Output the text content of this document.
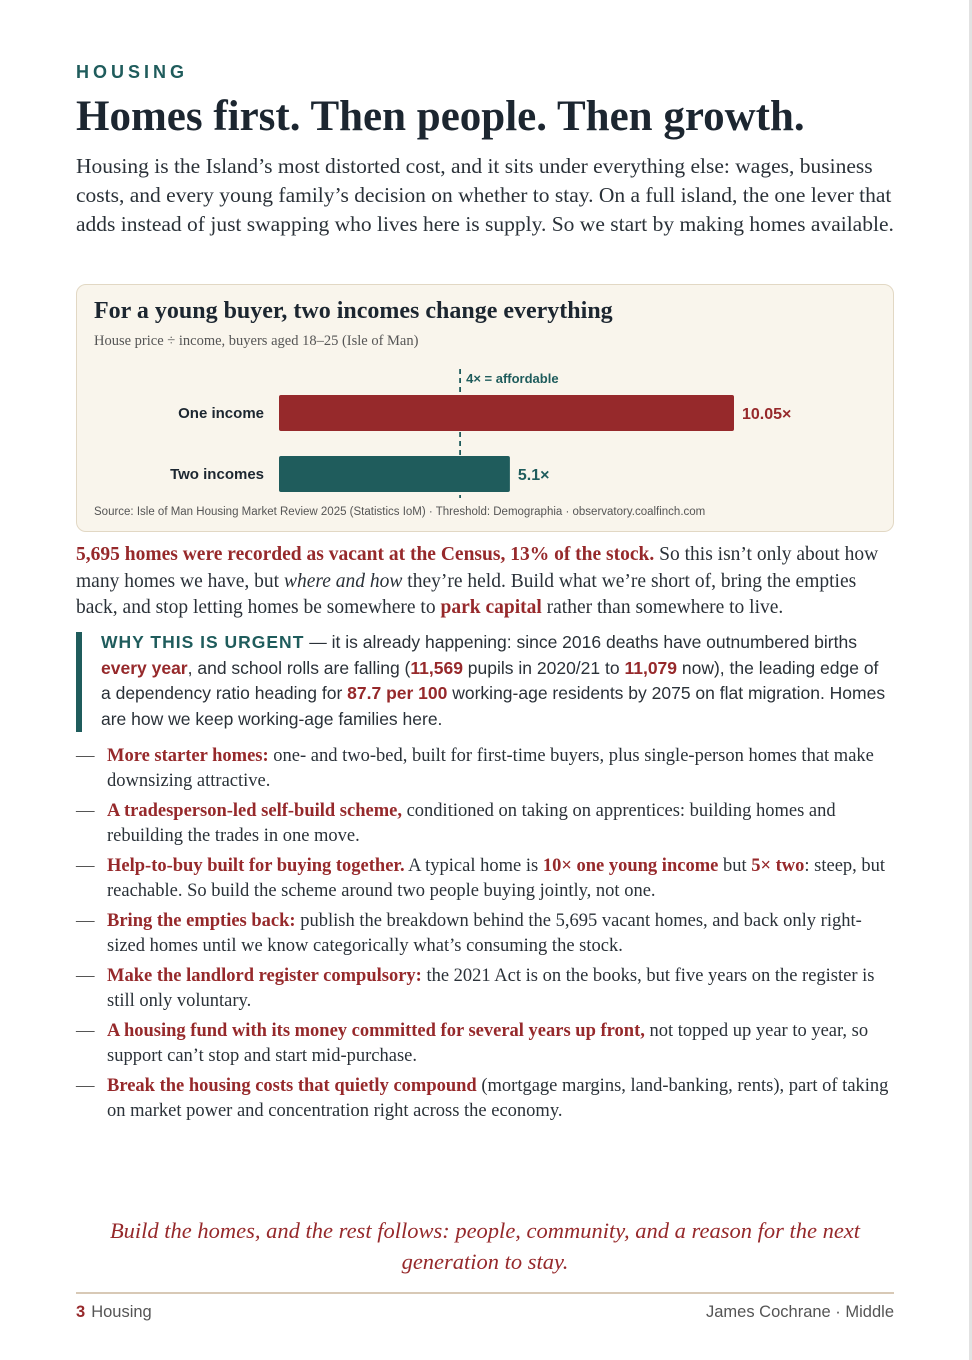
HOUSING
Homes first. Then people. Then growth.

Housing is the Island’s most distorted cost, and it sits under everything else: wages, business costs, and every young family’s decision on whether to stay. On a full island, the one lever that adds instead of just swapping who lives here is supply. So we start by making homes available.

For a young buyer, two incomes change everything
House price ÷ income, buyers aged 18–25 (Isle of Man)
4× = affordable
One income	10.05×
Two incomes	5.1×
Source: Isle of Man Housing Market Review 2025 (Statistics IoM) · Threshold: Demographia · observatory.coalfinch.com

5,695 homes were recorded as vacant at the Census, 13% of the stock. So this isn’t only about how many homes we have, but where and how they’re held. Build what we’re short of, bring the empties back, and stop letting homes be somewhere to park capital rather than somewhere to live.

WHY THIS IS URGENT — it is already happening: since 2016 deaths have outnumbered births every year, and school rolls are falling (11,569 pupils in 2020/21 to 11,079 now), the leading edge of a dependency ratio heading for 87.7 per 100 working-age residents by 2075 on flat migration. Homes are how we keep working-age families here.

— More starter homes: one- and two-bed, built for first-time buyers, plus single-person homes that make downsizing attractive.
— A tradesperson-led self-build scheme, conditioned on taking on apprentices: building homes and rebuilding the trades in one move.
— Help-to-buy built for buying together. A typical home is 10× one young income but 5× two: steep, but reachable. So build the scheme around two people buying jointly, not one.
— Bring the empties back: publish the breakdown behind the 5,695 vacant homes, and back only right-sized homes until we know categorically what’s consuming the stock.
— Make the landlord register compulsory: the 2021 Act is on the books, but five years on the register is still only voluntary.
— A housing fund with its money committed for several years up front, not topped up year to year, so support can’t stop and start mid-purchase.
— Break the housing costs that quietly compound (mortgage margins, land-banking, rents), part of taking on market power and concentration right across the economy.

Build the homes, and the rest follows: people, community, and a reason for the next generation to stay.

3 Housing	James Cochrane · Middle
